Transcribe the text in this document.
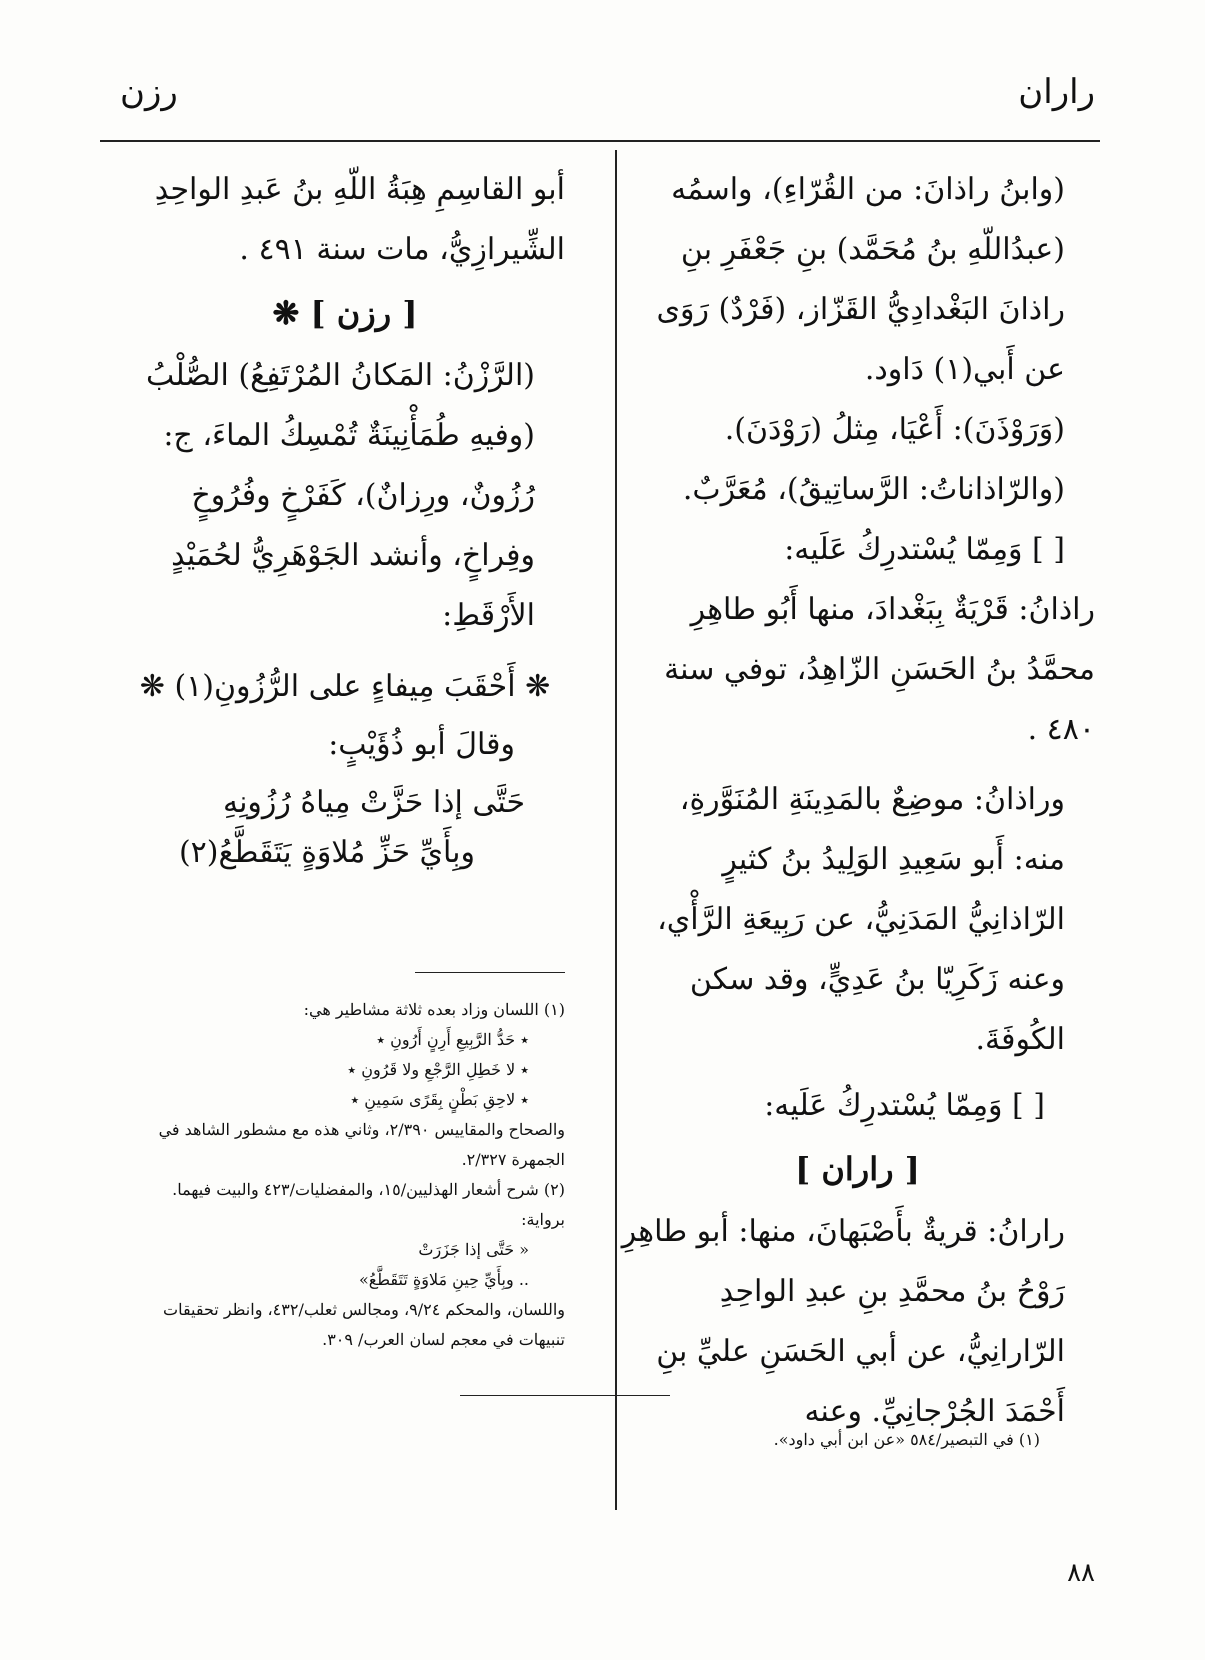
راران
رزن

(وابنُ راذانَ: من القُرّاءِ)، واسمُه (عبدُاللّهِ بنُ مُحَمَّد) بنِ جَعْفَرِ بنِ راذانَ البَغْدادِيُّ القَزّاز، (فَرْدٌ) رَوَى عن أَبي(١) دَاود.

(وَرَوْذَنَ): أَعْيَا، مِثلُ (رَوْدَنَ).

(والرّاذاناتُ: الرَّساتِيقُ)، مُعَرَّبٌ.

[ ] وَمِمّا يُسْتدرِكُ عَلَيه:

راذانُ: قَرْيَةٌ بِبَغْدادَ، منها أَبُو طاهِرِ محمَّدُ بنُ الحَسَنِ الزّاهِدُ، توفي سنة ٤٨٠ .

وراذانُ: موضِعٌ بالمَدِينَةِ المُنَوَّرةِ، منه: أَبو سَعِيدِ الوَلِيدُ بنُ كثيرٍ الرّاذانِيُّ المَدَنِيُّ، عن رَبِيعَةِ الرَّأْي، وعنه زَكَرِيّا بنُ عَدِيٍّ، وقد سكن الكُوفَةَ.

[ ] وَمِمّا يُسْتدرِكُ عَلَيه:

[ راران ]

رارانُ: قريةٌ بأَصْبَهانَ، منها: أبو طاهِرِ رَوْحُ بنُ محمَّدِ بنِ عبدِ الواحِدِ الرّارانِيُّ، عن أبي الحَسَنِ عليِّ بنِ أَحْمَدَ الجُرْجانِيِّ. وعنه

(١) في التبصير/٥٨٤ «عن ابن أبي داود».

أبو القاسِمِ هِبَةُ اللّهِ بنُ عَبدِ الواحِدِ الشِّيرازِيُّ، مات سنة ٤٩١ .

[ رزن ] ❋

(الرَّزْنُ: المَكانُ المُرْتَفِعُ) الصُّلْبُ (وفيهِ طُمَأْنِينَةٌ تُمْسِكُ الماءَ، ج: رُزُونٌ، ورِزانٌ)، كَفَرْخٍ وفُرُوخٍ وفِراخٍ، وأنشد الجَوْهَرِيُّ لحُمَيْدٍ الأَرْقَطِ:

❋ أَحْقَبَ مِيفاءٍ على الرُّزُونِ(١) ❋
وقالَ أبو ذُؤَيْبٍ:
حَتَّى إذا حَزَّتْ مِياهُ رُزُونِهِ
وبِأَيِّ حَزِّ مُلاوَةٍ يَتَقَطَّعُ(٢)
(١) اللسان وزاد بعده ثلاثة مشاطير هي:
٭ حَدُّ الرَّبِيعِ أَرِنٍ أَرُونِ ٭
٭ لا خَطِلِ الرَّجْعِ ولا قَرُونِ ٭
٭ لاحِقِ بَطْنٍ بِقَرًى سَمِينِ ٭
والصحاح والمقاييس ٢/٣٩٠، وثاني هذه مع مشطور الشاهد في الجمهرة ٢/٣٢٧.
(٢) شرح أشعار الهذليين/١٥، والمفضليات/٤٢٣ والبيت فيهما. برواية:
« حَتَّى إذا جَزَرَتْ
.. وبِأَيِّ حِينِ مَلاوَةٍ تَتَقَطَّعُ»
واللسان، والمحكم ٩/٢٤، ومجالس ثعلب/٤٣٢، وانظر تحقيقات تنبيهات في معجم لسان العرب/ ٣٠٩.
٨٨
